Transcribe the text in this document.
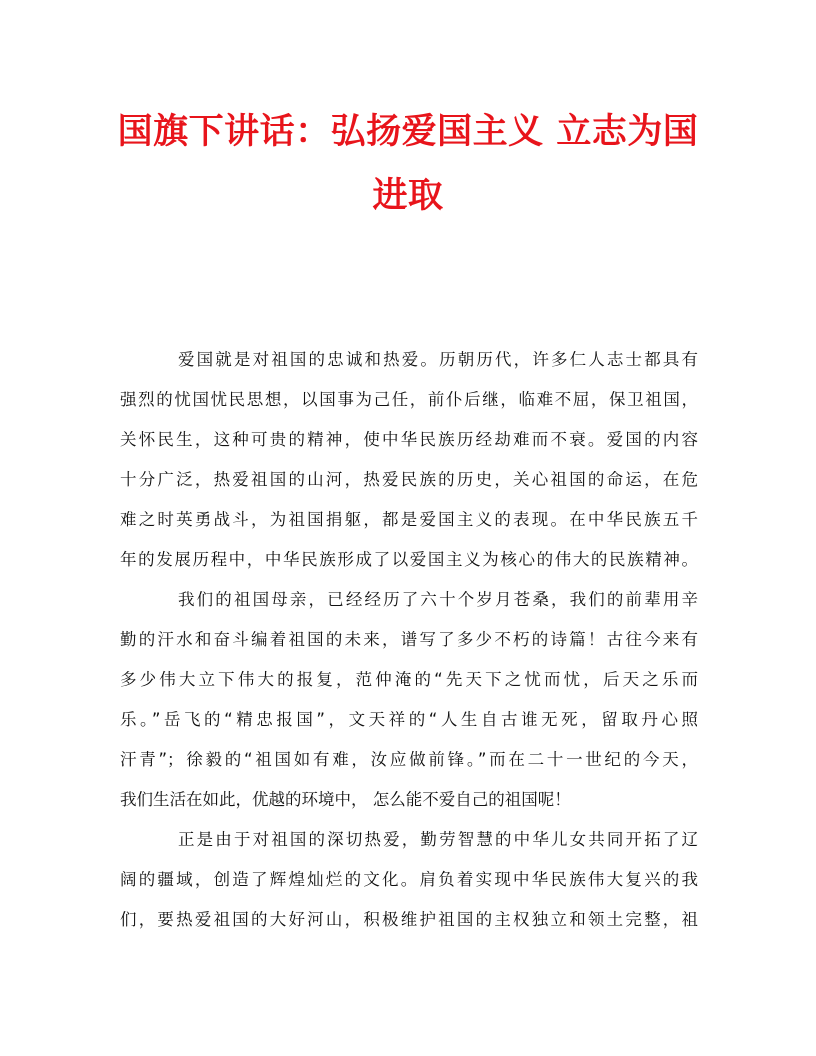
国旗下讲话：弘扬爱国主义 立志为国
进取
爱国就是对祖国的忠诚和热爱。历朝历代，许多仁人志士都具有
强烈的忧国忧民思想，以国事为己任，前仆后继，临难不屈，保卫祖国，
关怀民生，这种可贵的精神，使中华民族历经劫难而不衰。爱国的内容
十分广泛，热爱祖国的山河，热爱民族的历史，关心祖国的命运，在危
难之时英勇战斗，为祖国捐躯，都是爱国主义的表现。在中华民族五千
年的发展历程中，中华民族形成了以爱国主义为核心的伟大的民族精神。
我们的祖国母亲，已经经历了六十个岁月苍桑，我们的前辈用辛
勤的汗水和奋斗编着祖国的未来，谱写了多少不朽的诗篇！古往今来有
多少伟大立下伟大的报复，范仲淹的“先天下之忧而忧，后天之乐而
乐。”岳飞的“精忠报国”，文天祥的“人生自古谁无死，留取丹心照
汗青”；徐毅的“祖国如有难，汝应做前锋。”而在二十一世纪的今天，
我们生活在如此，优越的环境中， 怎么能不爱自己的祖国呢！
正是由于对祖国的深切热爱，勤劳智慧的中华儿女共同开拓了辽
阔的疆域，创造了辉煌灿烂的文化。肩负着实现中华民族伟大复兴的我
们，要热爱祖国的大好河山，积极维护祖国的主权独立和领土完整，祖
